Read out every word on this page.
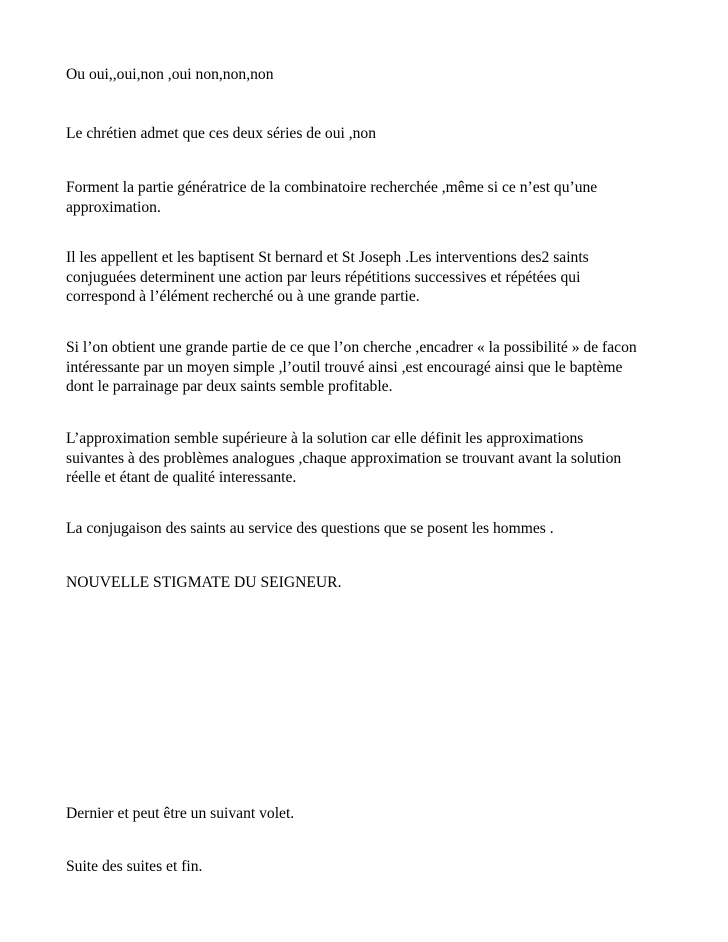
Ou oui,,oui,non ,oui non,non,non

Le chrétien admet que ces deux séries de oui ,non

Forment la partie génératrice de la combinatoire recherchée ,même si ce n’est qu’une
approximation.

Il les appellent et les baptisent St bernard et St Joseph .Les interventions des2 saints
conjuguées determinent une action par leurs répétitions successives et répétées qui
correspond à l’élément recherché ou à une grande partie.

Si l’on obtient une grande partie de ce que l’on cherche ,encadrer « la possibilité » de facon
intéressante par un moyen simple ,l’outil trouvé ainsi ,est encouragé ainsi que le baptème
dont le parrainage par deux saints semble profitable.

L’approximation semble supérieure à la solution car elle définit les approximations
suivantes à des problèmes analogues ,chaque approximation se trouvant avant la solution
réelle et étant de qualité interessante.

La conjugaison des saints au service des questions que se posent les hommes .

NOUVELLE STIGMATE DU SEIGNEUR.

Dernier et peut être un suivant volet.

Suite des suites et fin.
